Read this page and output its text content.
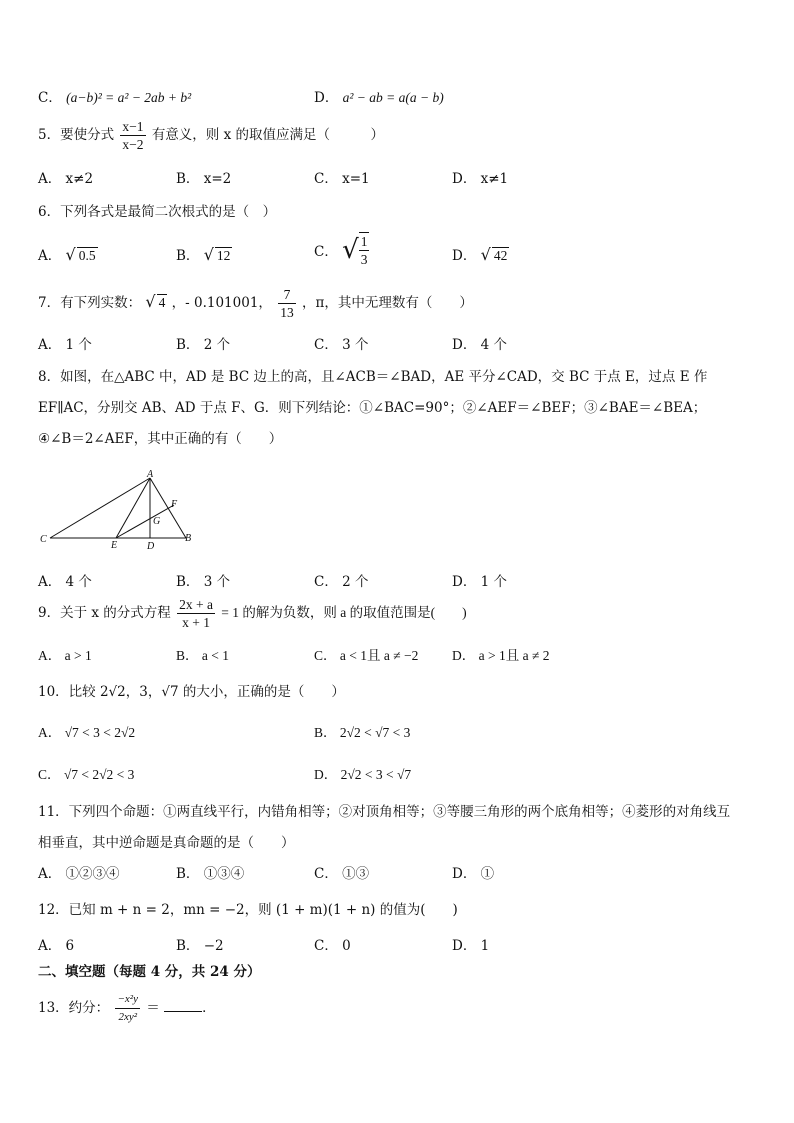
C． (a−b)² = a² − 2ab + b²	D． a² − ab = a(a − b)
5．要使分式 $\frac{x-1}{x-2}$ 有意义，则 x 的取值应满足（　　　）
A． x≠2	B． x=2	C． x=1	D． x≠1
6．下列各式是最简二次根式的是（　）
A． √ 0.5	B． √ 12	C． √ $\frac{1}{3}$	D． √ 42
7．有下列实数： √ 4 ，- 0.101001， $\frac{7}{13}$ ，π，其中无理数有（　　）
A． 1 个	B． 2 个	C． 3 个	D． 4 个
8．如图，在△ABC 中，AD 是 BC 边上的高，且∠ACB＝∠BAD，AE 平分∠CAD，交 BC 于点 E，过点 E 作
EF∥AC，分别交 AB、AD 于点 F、G．则下列结论：①∠BAC=90°；②∠AEF＝∠BEF；③∠BAE＝∠BEA；
④∠B＝2∠AEF，其中正确的有（　　）
A
B
C
D
E
F
G
A． 4 个	B． 3 个	C． 2 个	D． 1 个
9．关于 x 的分式方程 $\frac{2x + a}{x + 1} = 1$ 的解为负数，则 a 的取值范围是(　　)
A． a > 1	B． a < 1	C． a < 1且 a ≠ −2 D． a > 1且 a ≠ 2
10．比较 2√2，3，√7 的大小，正确的是（　　）
A． √7 < 3 < 2√2	B． 2√2 < √7 < 3
C． √7 < 2√2 < 3	D． 2√2 < 3 < √7
11．下列四个命题：①两直线平行，内错角相等；②对顶角相等；③等腰三角形的两个底角相等；④菱形的对角线互
相垂直，其中逆命题是真命题的是（　　）
A． ①②③④	B． ①③④	C． ①③	D． ①
12．已知 m + n = 2，mn = −2，则 (1 + m)(1 + n) 的值为(　　)
A． 6	B． −2	C． 0	D． 1
二、填空题（每题 4 分，共 24 分）
13．约分： $\frac{\text{−x²y}}{\text{2xy²}}$ ＝	．
